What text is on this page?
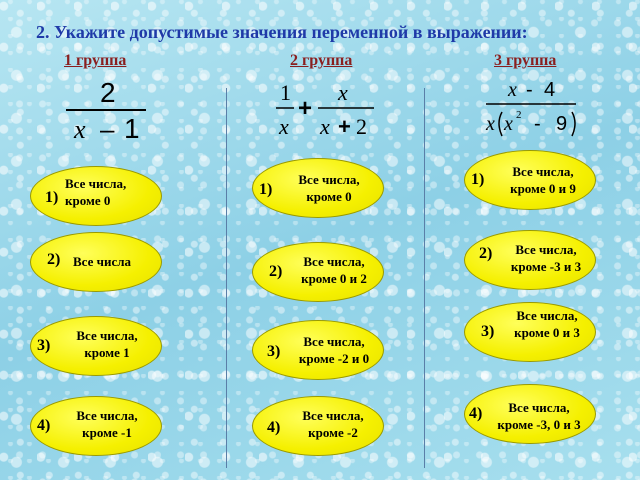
2. Укажите допустимые значения переменной в выражении:
1 группа	2 группа	3 группа
2
x – 1
1
x
+
x
x + 2
x - 4
x x 2 - 9
1)
Все числа,
кроме 0
2) Все числа
3)
Все числа,
кроме 1
4)
Все числа,
кроме -1
1)
Все числа,
кроме 0
2)
Все числа,
кроме 0 и 2
3)
Все числа,
кроме -2 и 0
4)
Все числа,
кроме -2
1)	Все числа,
кроме 0 и 9
2)	Все числа,
кроме -3 и 3
3)
Все числа,
кроме 0 и 3
4)	Все числа,
кроме -3, 0 и 3
